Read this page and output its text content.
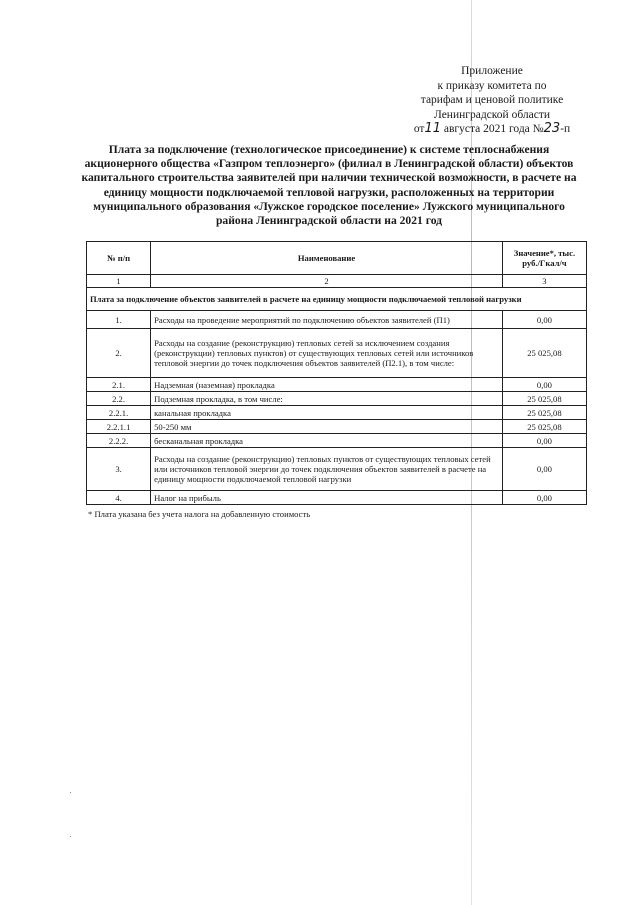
Приложение
к приказу комитета по
тарифам и ценовой политике
Ленинградской области
от11 августа 2021 года №23-п
Плата за подключение (технологическое присоединение) к системе теплоснабжения акционерного общества «Газпром теплоэнерго» (филиал в Ленинградской области) объектов капитального строительства заявителей при наличии технической возможности, в расчете на единицу мощности подключаемой тепловой нагрузки, расположенных на территории муниципального образования «Лужское городское поселение» Лужского муниципального района Ленинградской области на 2021 год
№ п/п	Наименование	Значение*, тыс. руб./Гкал/ч
1	2	3
Плата за подключение объектов заявителей в расчете на единицу мощности подключаемой тепловой нагрузки		
1.	Расходы на проведение мероприятий по подключению объектов заявителей (П1)	0,00
2.	Расходы на создание (реконструкцию) тепловых сетей за исключением создания (реконструкции) тепловых пунктов) от существующих тепловых сетей или источников тепловой энергии до точек подключения объектов заявителей (П2.1), в том числе:	25 025,08
2.1.	Надземная (наземная) прокладка	0,00
2.2.	Подземная прокладка, в том числе:	25 025,08
2.2.1.	канальная прокладка	25 025,08
2.2.1.1	50-250 мм	25 025,08
2.2.2.	бесканальная прокладка	0,00
3.	Расходы на создание (реконструкцию) тепловых пунктов от существующих тепловых сетей или источников тепловой энергии до точек подключения объектов заявителей в расчете на единицу мощности подключаемой тепловой нагрузки	0,00
4.	Налог на прибыль	0,00
* Плата указана без учета налога на добавленную стоимость
